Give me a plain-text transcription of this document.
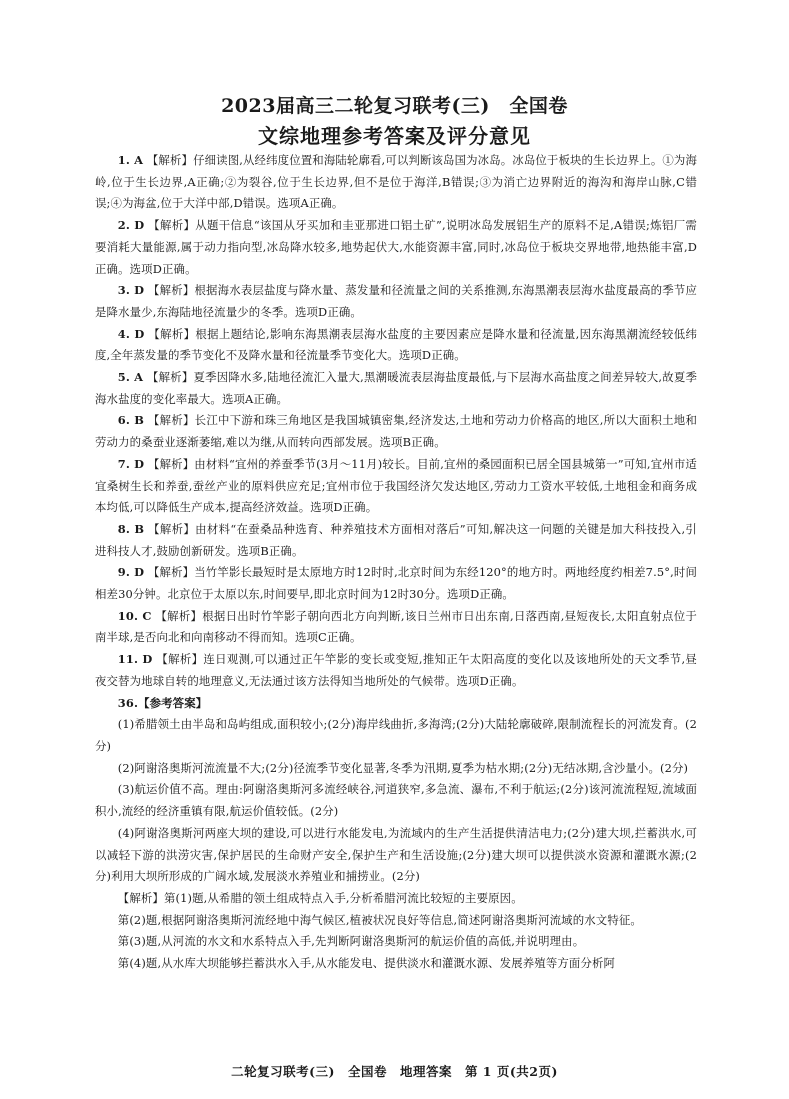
2023届高三二轮复习联考(三)　全国卷
文综地理参考答案及评分意见

1. A 【解析】仔细读图,从经纬度位置和海陆轮廓看,可以判断该岛国为冰岛。冰岛位于板块的生长边界上。①为海岭,位于生长边界,A正确;②为裂谷,位于生长边界,但不是位于海洋,B错误;③为消亡边界附近的海沟和海岸山脉,C错误;④为海盆,位于大洋中部,D错误。选项A正确。

2. D 【解析】从题干信息“该国从牙买加和圭亚那进口铝土矿”,说明冰岛发展铝生产的原料不足,A错误;炼铝厂需要消耗大量能源,属于动力指向型,冰岛降水较多,地势起伏大,水能资源丰富,同时,冰岛位于板块交界地带,地热能丰富,D正确。选项D正确。

3. D 【解析】根据海水表层盐度与降水量、蒸发量和径流量之间的关系推测,东海黑潮表层海水盐度最高的季节应是降水量少,东海陆地径流量少的冬季。选项D正确。

4. D 【解析】根据上题结论,影响东海黑潮表层海水盐度的主要因素应是降水量和径流量,因东海黑潮流经较低纬度,全年蒸发量的季节变化不及降水量和径流量季节变化大。选项D正确。

5. A 【解析】夏季因降水多,陆地径流汇入量大,黑潮暖流表层海盐度最低,与下层海水高盐度之间差异较大,故夏季海水盐度的变化率最大。选项A正确。

6. B 【解析】长江中下游和珠三角地区是我国城镇密集,经济发达,土地和劳动力价格高的地区,所以大面积土地和劳动力的桑蚕业逐渐萎缩,难以为继,从而转向西部发展。选项B正确。

7. D 【解析】由材料“宜州的养蚕季节(3月～11月)较长。目前,宜州的桑园面积已居全国县城第一”可知,宜州市适宜桑树生长和养蚕,蚕丝产业的原料供应充足;宜州市位于我国经济欠发达地区,劳动力工资水平较低,土地租金和商务成本均低,可以降低生产成本,提高经济效益。选项D正确。

8. B 【解析】由材料“在蚕桑品种选育、种养殖技术方面相对落后”可知,解决这一问题的关键是加大科技投入,引进科技人才,鼓励创新研发。选项B正确。

9. D 【解析】当竹竿影长最短时是太原地方时12时时,北京时间为东经120°的地方时。两地经度约相差7.5°,时间相差30分钟。北京位于太原以东,时间要早,即北京时间为12时30分。选项D正确。

10. C 【解析】根据日出时竹竿影子朝向西北方向判断,该日兰州市日出东南,日落西南,昼短夜长,太阳直射点位于南半球,是否向北和向南移动不得而知。选项C正确。

11. D 【解析】连日观测,可以通过正午竿影的变长或变短,推知正午太阳高度的变化以及该地所处的天文季节,昼夜交替为地球自转的地理意义,无法通过该方法得知当地所处的气候带。选项D正确。

36.【参考答案】

(1)希腊领土由半岛和岛屿组成,面积较小;(2分)海岸线曲折,多海湾;(2分)大陆轮廓破碎,限制流程长的河流发育。(2分)

(2)阿谢洛奥斯河流流量不大;(2分)径流季节变化显著,冬季为汛期,夏季为枯水期;(2分)无结冰期,含沙量小。(2分)

(3)航运价值不高。理由:阿谢洛奥斯河多流经峡谷,河道狭窄,多急流、瀑布,不利于航运;(2分)该河流流程短,流域面积小,流经的经济重镇有限,航运价值较低。(2分)

(4)阿谢洛奥斯河两座大坝的建设,可以进行水能发电,为流域内的生产生活提供清洁电力;(2分)建大坝,拦蓄洪水,可以减轻下游的洪涝灾害,保护居民的生命财产安全,保护生产和生活设施;(2分)建大坝可以提供淡水资源和灌溉水源;(2分)利用大坝所形成的广阔水域,发展淡水养殖业和捕捞业。(2分)

【解析】第(1)题,从希腊的领土组成特点入手,分析希腊河流比较短的主要原因。

第(2)题,根据阿谢洛奥斯河流经地中海气候区,植被状况良好等信息,简述阿谢洛奥斯河流域的水文特征。

第(3)题,从河流的水文和水系特点入手,先判断阿谢洛奥斯河的航运价值的高低,并说明理由。

第(4)题,从水库大坝能够拦蓄洪水入手,从水能发电、提供淡水和灌溉水源、发展养殖等方面分析阿

二轮复习联考(三)　全国卷　地理答案　第 1 页(共2页)
